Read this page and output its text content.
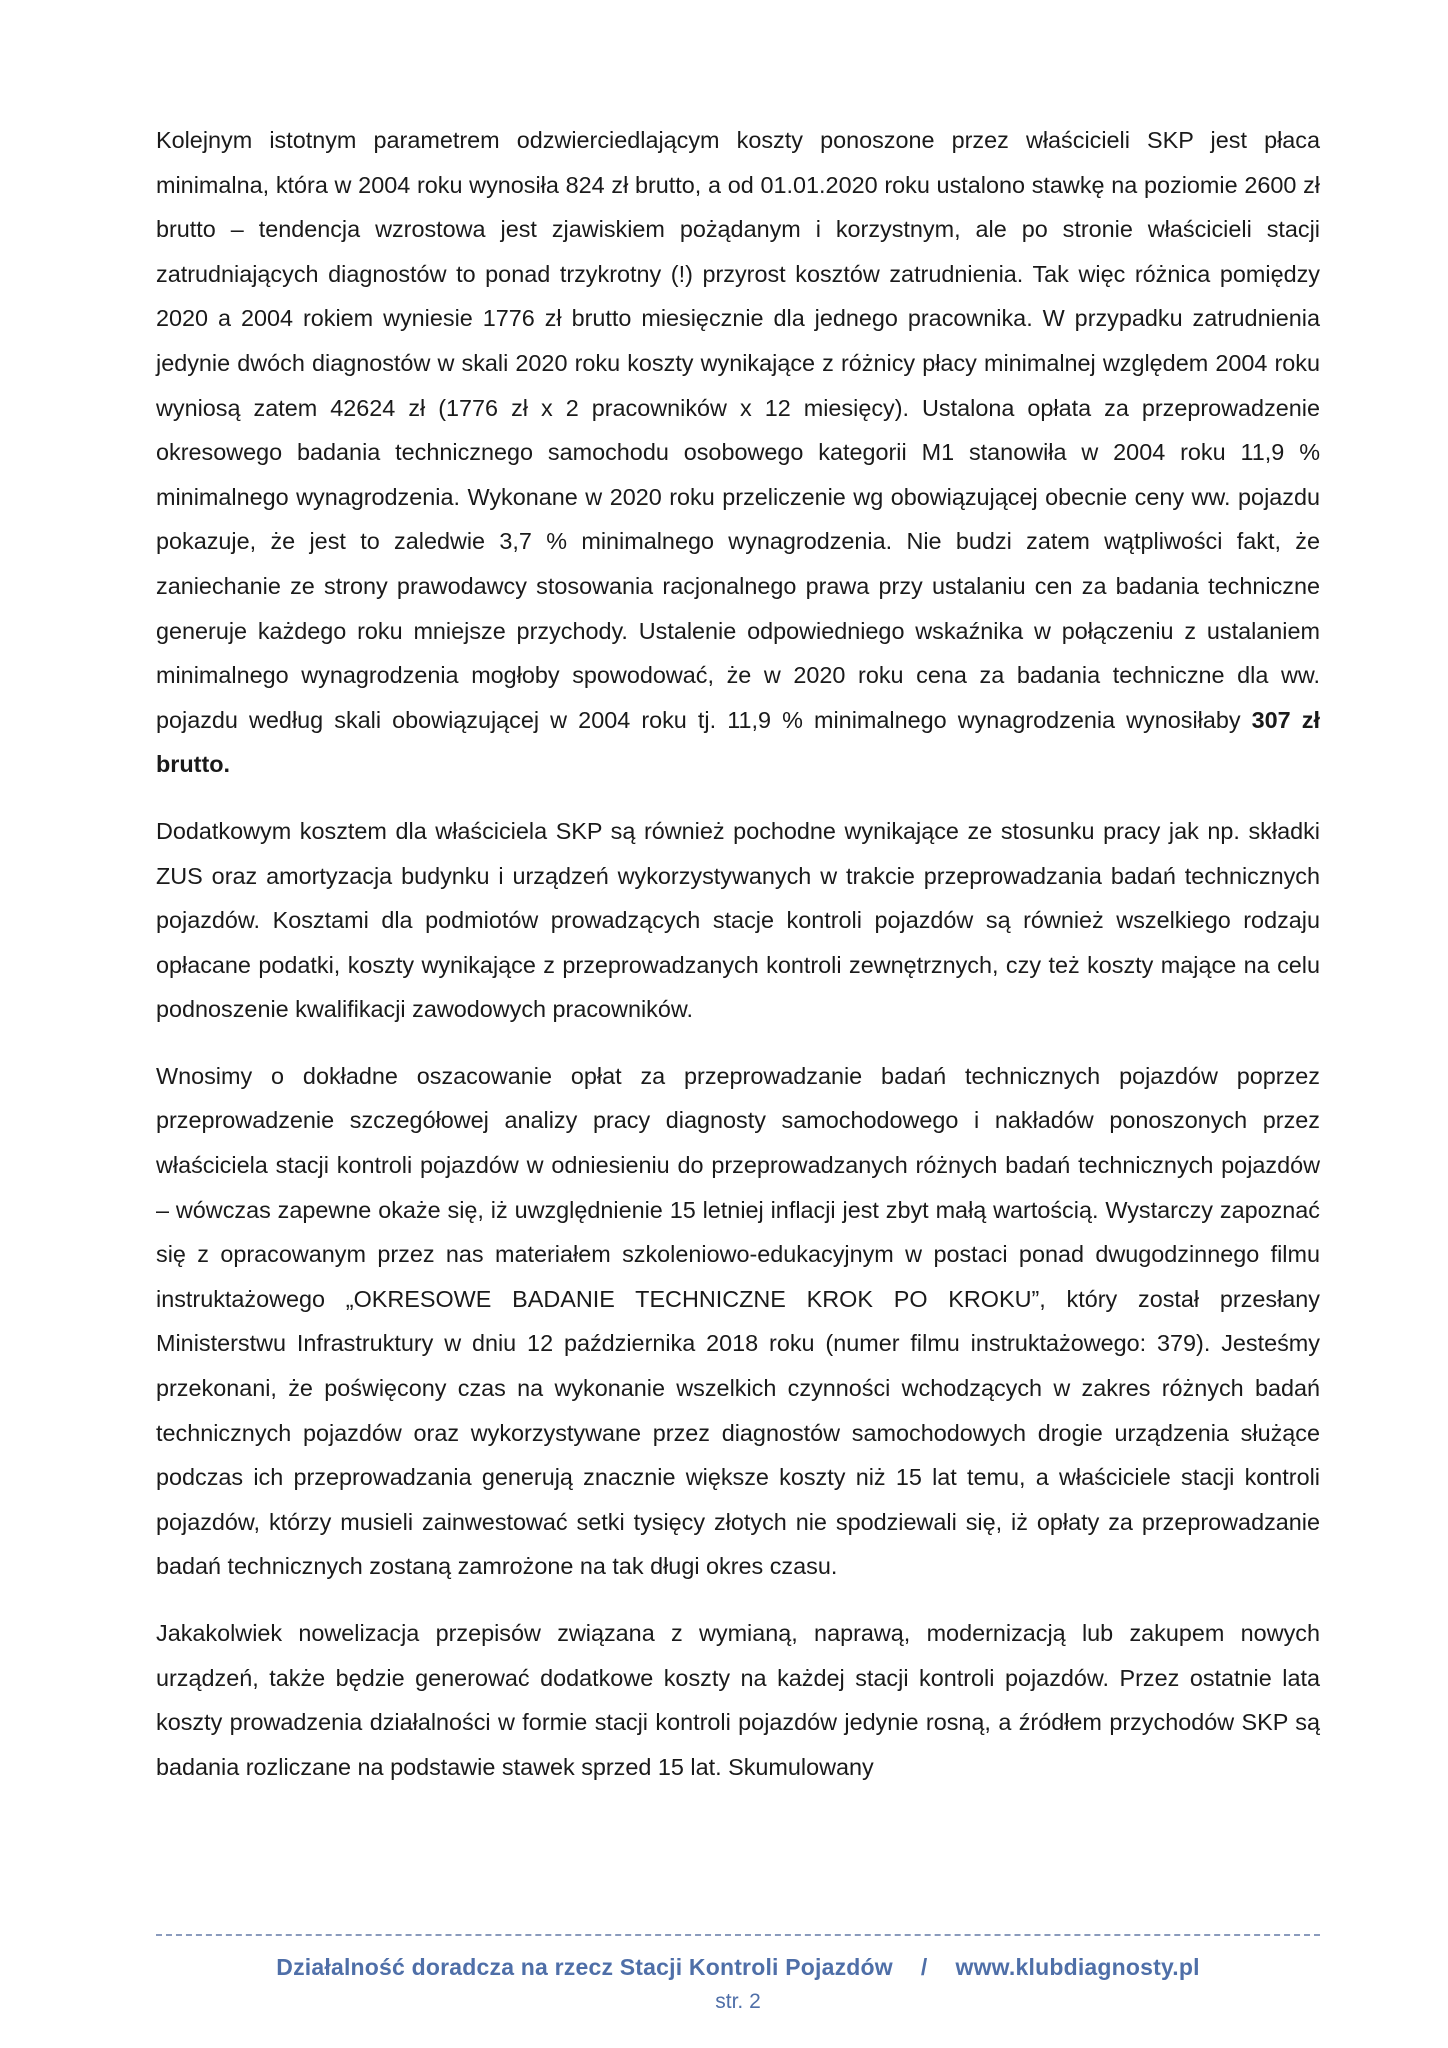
Kolejnym istotnym parametrem odzwierciedlającym koszty ponoszone przez właścicieli SKP jest płaca minimalna, która w 2004 roku wynosiła 824 zł brutto, a od 01.01.2020 roku ustalono stawkę na poziomie 2600 zł brutto – tendencja wzrostowa jest zjawiskiem pożądanym i korzystnym, ale po stronie właścicieli stacji zatrudniających diagnostów to ponad trzykrotny (!) przyrost kosztów zatrudnienia. Tak więc różnica pomiędzy 2020 a 2004 rokiem wyniesie 1776 zł brutto miesięcznie dla jednego pracownika. W przypadku zatrudnienia jedynie dwóch diagnostów w skali 2020 roku koszty wynikające z różnicy płacy minimalnej względem 2004 roku wyniosą zatem 42624 zł (1776 zł x 2 pracowników x 12 miesięcy). Ustalona opłata za przeprowadzenie okresowego badania technicznego samochodu osobowego kategorii M1 stanowiła w 2004 roku 11,9 % minimalnego wynagrodzenia. Wykonane w 2020 roku przeliczenie wg obowiązującej obecnie ceny ww. pojazdu pokazuje, że jest to zaledwie 3,7 % minimalnego wynagrodzenia. Nie budzi zatem wątpliwości fakt, że zaniechanie ze strony prawodawcy stosowania racjonalnego prawa przy ustalaniu cen za badania techniczne generuje każdego roku mniejsze przychody. Ustalenie odpowiedniego wskaźnika w połączeniu z ustalaniem minimalnego wynagrodzenia mogłoby spowodować, że w 2020 roku cena za badania techniczne dla ww. pojazdu według skali obowiązującej w 2004 roku tj. 11,9 % minimalnego wynagrodzenia wynosiłaby 307 zł brutto.

Dodatkowym kosztem dla właściciela SKP są również pochodne wynikające ze stosunku pracy jak np. składki ZUS oraz amortyzacja budynku i urządzeń wykorzystywanych w trakcie przeprowadzania badań technicznych pojazdów. Kosztami dla podmiotów prowadzących stacje kontroli pojazdów są również wszelkiego rodzaju opłacane podatki, koszty wynikające z przeprowadzanych kontroli zewnętrznych, czy też koszty mające na celu podnoszenie kwalifikacji zawodowych pracowników.

Wnosimy o dokładne oszacowanie opłat za przeprowadzanie badań technicznych pojazdów poprzez przeprowadzenie szczegółowej analizy pracy diagnosty samochodowego i nakładów ponoszonych przez właściciela stacji kontroli pojazdów w odniesieniu do przeprowadzanych różnych badań technicznych pojazdów – wówczas zapewne okaże się, iż uwzględnienie 15 letniej inflacji jest zbyt małą wartością. Wystarczy zapoznać się z opracowanym przez nas materiałem szkoleniowo-edukacyjnym w postaci ponad dwugodzinnego filmu instruktażowego „OKRESOWE BADANIE TECHNICZNE KROK PO KROKU”, który został przesłany Ministerstwu Infrastruktury w dniu 12 października 2018 roku (numer filmu instruktażowego: 379). Jesteśmy przekonani, że poświęcony czas na wykonanie wszelkich czynności wchodzących w zakres różnych badań technicznych pojazdów oraz wykorzystywane przez diagnostów samochodowych drogie urządzenia służące podczas ich przeprowadzania generują znacznie większe koszty niż 15 lat temu, a właściciele stacji kontroli pojazdów, którzy musieli zainwestować setki tysięcy złotych nie spodziewali się, iż opłaty za przeprowadzanie badań technicznych zostaną zamrożone na tak długi okres czasu.

Jakakolwiek nowelizacja przepisów związana z wymianą, naprawą, modernizacją lub zakupem nowych urządzeń, także będzie generować dodatkowe koszty na każdej stacji kontroli pojazdów. Przez ostatnie lata koszty prowadzenia działalności w formie stacji kontroli pojazdów jedynie rosną, a źródłem przychodów SKP są badania rozliczane na podstawie stawek sprzed 15 lat. Skumulowany

Działalność doradcza na rzecz Stacji Kontroli Pojazdów / www.klubdiagnosty.pl
str. 2
